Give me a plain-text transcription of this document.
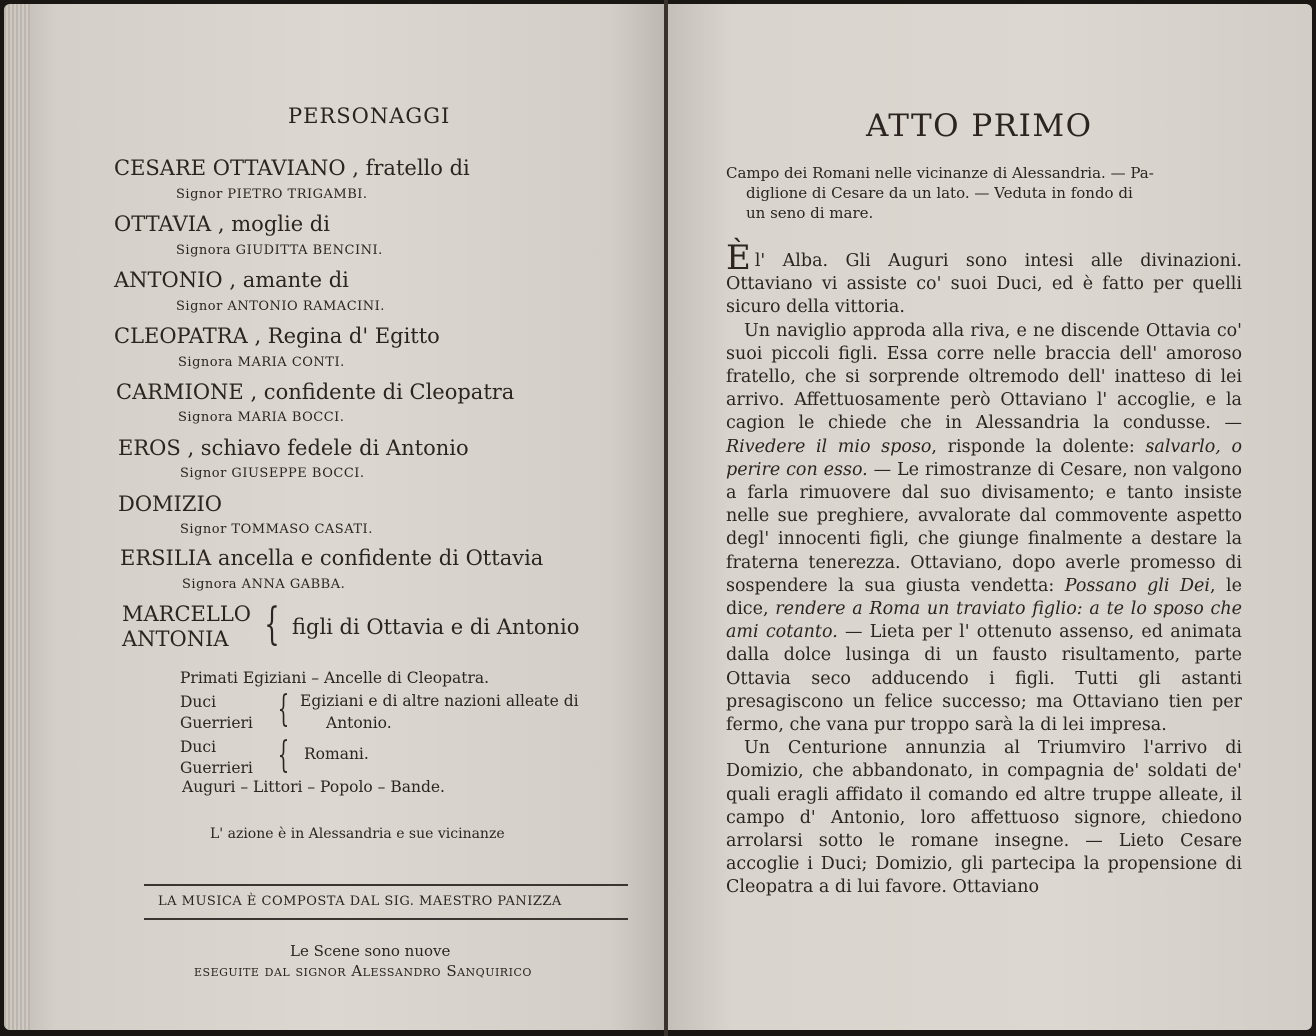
PERSONAGGI
CESARE OTTAVIANO , fratello di
Signor PIETRO TRIGAMBI.
OTTAVIA , moglie di
Signora GIUDITTA BENCINI.
ANTONIO , amante di
Signor ANTONIO RAMACINI.
CLEOPATRA , Regina d' Egitto
Signora MARIA CONTI.
CARMIONE , confidente di Cleopatra
Signora MARIA BOCCI.
EROS , schiavo fedele di Antonio
Signor GIUSEPPE BOCCI.
DOMIZIO
Signor TOMMASO CASATI.
ERSILIA ancella e confidente di Ottavia
Signora ANNA GABBA.
MARCELLO
ANTONIA { figli di Ottavia e di Antonio
Primati Egiziani – Ancelle di Cleopatra.
Duci
Guerrieri { Egiziani e di altre nazioni alleate di
Antonio.
Duci
Guerrieri { Romani.
Auguri – Littori – Popolo – Bande.
L' azione è in Alessandria e sue vicinanze
LA MUSICA È COMPOSTA DAL SIG. MAESTRO PANIZZA
Le Scene sono nuove
eseguite dal signor Alessandro Sanquirico
ATTO PRIMO
Campo dei Romani nelle vicinanze di Alessandria. — Pa-
diglione di Cesare da un lato. — Veduta in fondo di
un seno di mare.

Èl' Alba. Gli Auguri sono intesi alle divinazioni. Ottaviano vi assiste co' suoi Duci, ed è fatto per quelli sicuro della vittoria.

Un naviglio approda alla riva, e ne discende Ottavia co' suoi piccoli figli. Essa corre nelle braccia dell' amoroso fratello, che si sorprende oltremodo dell' inatteso di lei arrivo. Affettuosamente però Ottaviano l' accoglie, e la cagion le chiede che in Alessandria la condusse. — Rivedere il mio sposo, risponde la dolente: salvarlo, o perire con esso. — Le rimostranze di Cesare, non valgono a farla rimuovere dal suo divisamento; e tanto insiste nelle sue preghiere, avvalorate dal commovente aspetto degl' innocenti figli, che giunge finalmente a destare la fraterna tenerezza. Ottaviano, dopo averle promesso di sospendere la sua giusta vendetta: Possano gli Dei, le dice, rendere a Roma un traviato figlio: a te lo sposo che ami cotanto. — Lieta per l' ottenuto assenso, ed animata dalla dolce lusinga di un fausto risultamento, parte Ottavia seco adducendo i figli. Tutti gli astanti presagiscono un felice successo; ma Ottaviano tien per fermo, che vana pur troppo sarà la di lei impresa.

Un Centurione annunzia al Triumviro l'arrivo di Domizio, che abbandonato, in compagnia de' soldati de' quali eragli affidato il comando ed altre truppe alleate, il campo d' Antonio, loro affettuoso signore, chiedono arrolarsi sotto le romane insegne. — Lieto Cesare accoglie i Duci; Domizio, gli partecipa la propensione di Cleopatra a di lui favore. Ottaviano
